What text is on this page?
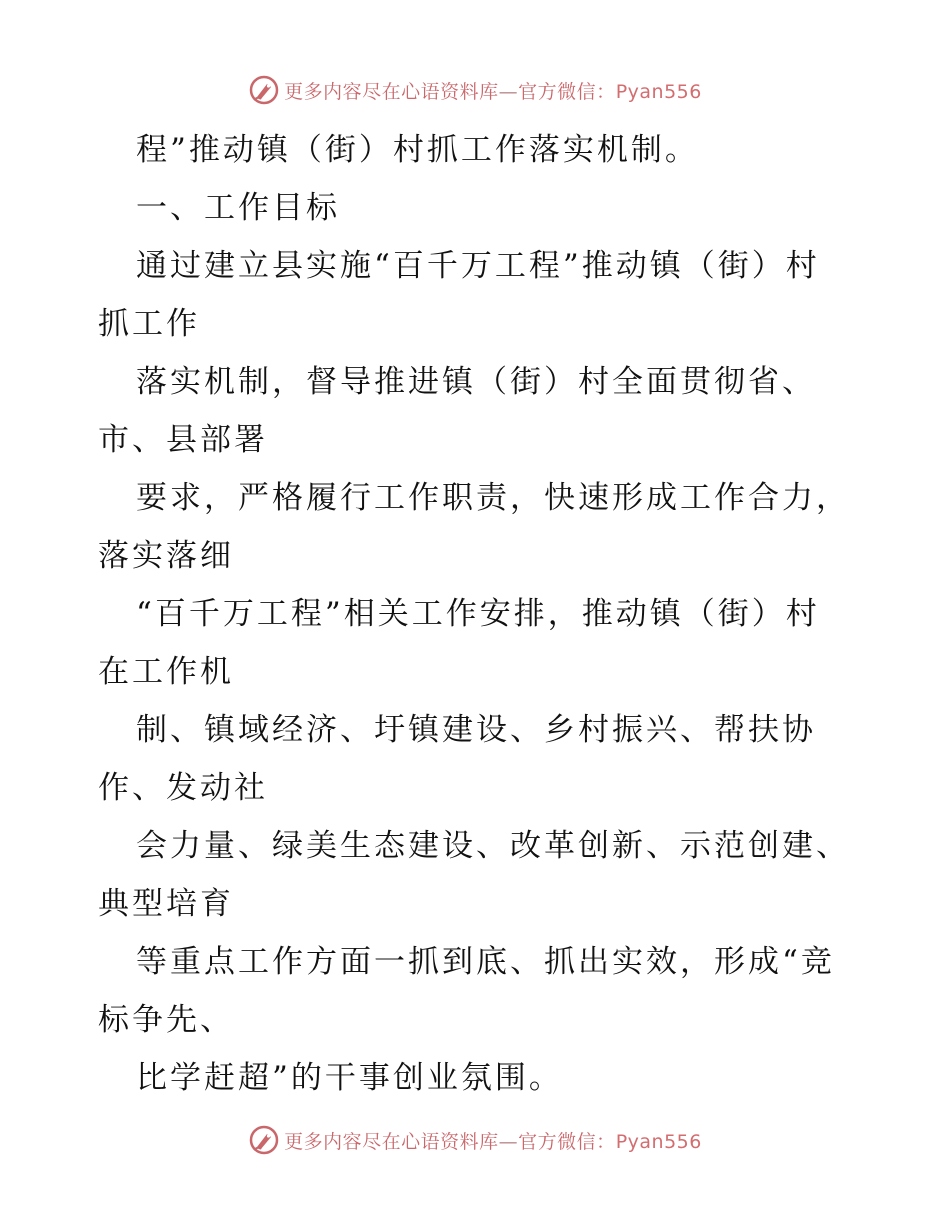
更多内容尽在心语资料库—官方微信：Pyan556
程”推动镇（街）村抓工作落实机制。
一、工作目标
通过建立县实施“百千万工程”推动镇（街）村
抓工作
落实机制，督导推进镇（街）村全面贯彻省、
市、县部署
要求，严格履行工作职责，快速形成工作合力，
落实落细
“百千万工程”相关工作安排，推动镇（街）村
在工作机
制、镇域经济、圩镇建设、乡村振兴、帮扶协
作、发动社
会力量、绿美生态建设、改革创新、示范创建、
典型培育
等重点工作方面一抓到底、抓出实效，形成“竞
标争先、
比学赶超”的干事创业氛围。
更多内容尽在心语资料库—官方微信：Pyan556
